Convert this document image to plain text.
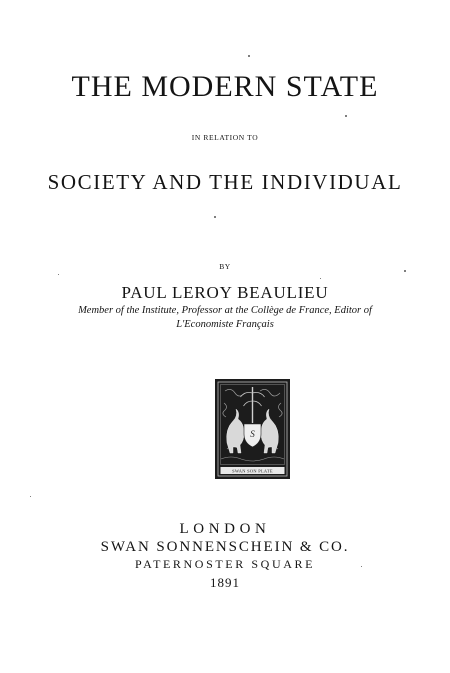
THE MODERN STATE
IN RELATION TO
SOCIETY AND THE INDIVIDUAL
BY
PAUL LEROY BEAULIEU
Member of the Institute, Professor at the Collège de France, Editor of
L'Economiste Français
S
SWAN SON PLATE
LONDON
SWAN SONNENSCHEIN & CO.
PATERNOSTER SQUARE
1891
